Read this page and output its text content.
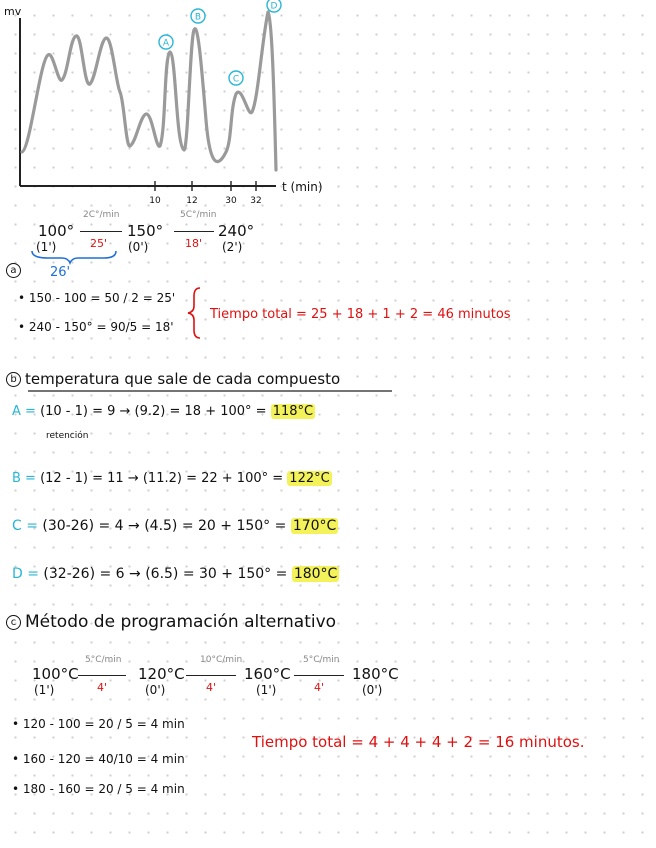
10	12	30 32
A
B
C
D
mv
t (min)
100°
(1')
2C°/min
25'
150°
(0')
5C°/min
18'
240°
(2')
26'
a
• 150 - 100 = 50 / 2 = 25'
• 240 - 150° = 90/5 = 18'
Tiempo total = 25 + 18 + 1 + 2 = 46 minutos
b temperatura que sale de cada compuesto
A = (10 - 1) = 9 → (9.2) = 18 + 100° = 118°C
retención
B = (12 - 1) = 11 → (11.2) = 22 + 100° = 122°C
C = (30-26) = 4 → (4.5) = 20 + 150° = 170°C
D = (32-26) = 6 → (6.5) = 30 + 150° = 180°C
c Método de programación alternativo
100°C
(1')
5°C/min
4'
120°C
(0')
10°C/min
4'
160°C
(1')
5°C/min
4'
180°C
(0')
• 120 - 100 = 20 / 5 = 4 min
• 160 - 120 = 40/10 = 4 min
• 180 - 160 = 20 / 5 = 4 min
Tiempo total = 4 + 4 + 4 + 2 = 16 minutos.
